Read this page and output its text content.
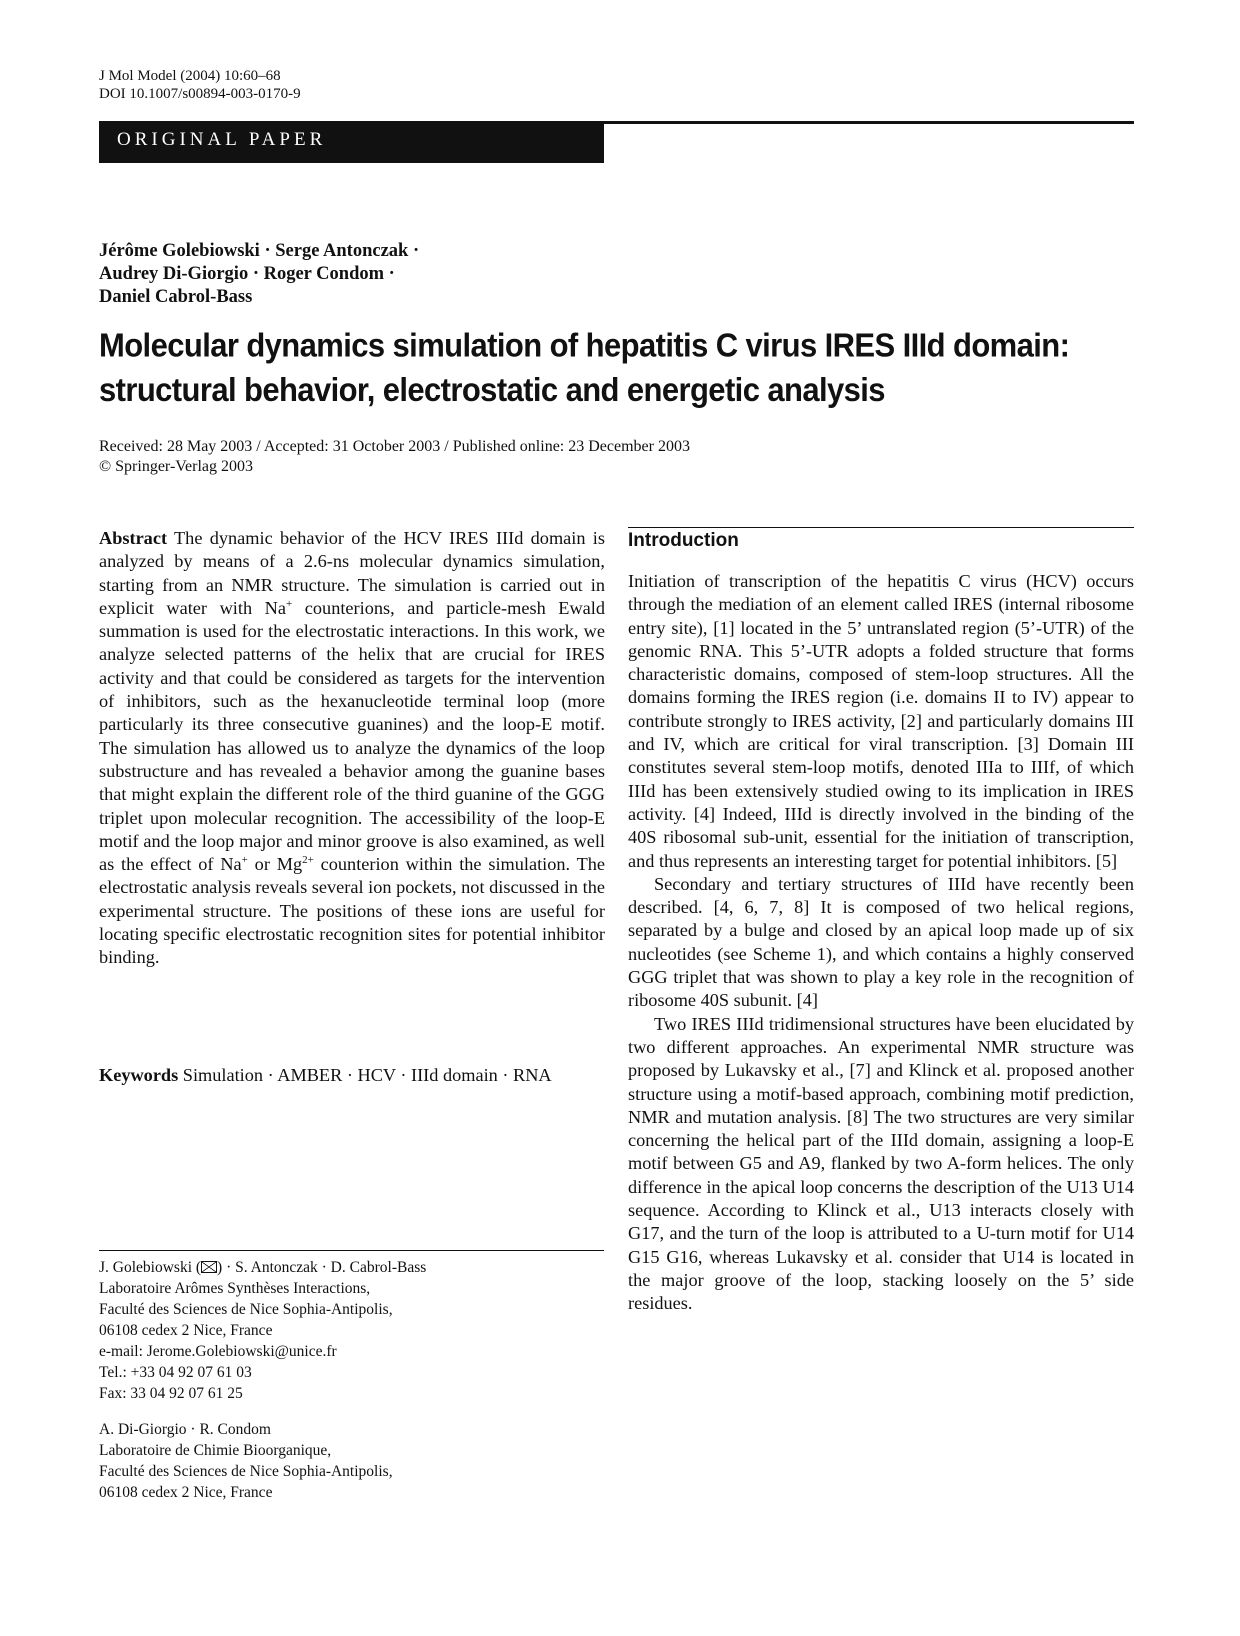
J Mol Model (2004) 10:60–68
DOI 10.1007/s00894-003-0170-9
ORIGINAL PAPER
Jérôme Golebiowski · Serge Antonczak ·
Audrey Di-Giorgio · Roger Condom ·
Daniel Cabrol-Bass
Molecular dynamics simulation of hepatitis C virus IRES IIId domain:
structural behavior, electrostatic and energetic analysis
Received: 28 May 2003 / Accepted: 31 October 2003 / Published online: 23 December 2003
© Springer-Verlag 2003
Abstract The dynamic behavior of the HCV IRES IIId domain is analyzed by means of a 2.6-ns molecular dynamics simulation, starting from an NMR structure. The simulation is carried out in explicit water with Na+ counterions, and particle-mesh Ewald summation is used for the electrostatic interactions. In this work, we analyze selected patterns of the helix that are crucial for IRES activity and that could be considered as targets for the intervention of inhibitors, such as the hexanucleotide terminal loop (more particularly its three consecutive guanines) and the loop-E motif. The simulation has allowed us to analyze the dynamics of the loop substructure and has revealed a behavior among the guanine bases that might explain the different role of the third guanine of the GGG triplet upon molecular recognition. The accessibility of the loop-E motif and the loop major and minor groove is also examined, as well as the effect of Na+ or $Mg^{2+}$ counterion within the simulation. The electrostatic analysis reveals several ion pockets, not discussed in the experimental structure. The positions of these ions are useful for locating specific electrostatic recognition sites for potential inhibitor binding.
Keywords Simulation · AMBER · HCV · IIId domain · RNA
J. Golebiowski ( ) · S. Antonczak · D. Cabrol-Bass
Laboratoire Arômes Synthèses Interactions,
Faculté des Sciences de Nice Sophia-Antipolis,
06108 cedex 2 Nice, France
e-mail: Jerome.Golebiowski@unice.fr
Tel.: +33 04 92 07 61 03
Fax: 33 04 92 07 61 25
A. Di-Giorgio · R. Condom
Laboratoire de Chimie Bioorganique,
Faculté des Sciences de Nice Sophia-Antipolis,
06108 cedex 2 Nice, France
Introduction

Initiation of transcription of the hepatitis C virus (HCV) occurs through the mediation of an element called IRES (internal ribosome entry site), [1] located in the 5’ untranslated region (5’-UTR) of the genomic RNA. This 5’-UTR adopts a folded structure that forms characteristic domains, composed of stem-loop structures. All the domains forming the IRES region (i.e. domains II to IV) appear to contribute strongly to IRES activity, [2] and particularly domains III and IV, which are critical for viral transcription. [3] Domain III constitutes several stem-loop motifs, denoted IIIa to IIIf, of which IIId has been extensively studied owing to its implication in IRES activity. [4] Indeed, IIId is directly involved in the binding of the 40S ribosomal sub-unit, essential for the initiation of transcription, and thus represents an interesting target for potential inhibitors. [5]

Secondary and tertiary structures of IIId have recently been described. [4, 6, 7, 8] It is composed of two helical regions, separated by a bulge and closed by an apical loop made up of six nucleotides (see Scheme 1), and which contains a highly conserved GGG triplet that was shown to play a key role in the recognition of ribosome 40S subunit. [4]

Two IRES IIId tridimensional structures have been elucidated by two different approaches. An experimental NMR structure was proposed by Lukavsky et al., [7] and Klinck et al. proposed another structure using a motif-based approach, combining motif prediction, NMR and mutation analysis. [8] The two structures are very similar concerning the helical part of the IIId domain, assigning a loop-E motif between G5 and A9, flanked by two A-form helices. The only difference in the apical loop concerns the description of the U13 U14 sequence. According to Klinck et al., U13 interacts closely with G17, and the turn of the loop is attributed to a U-turn motif for U14 G15 G16, whereas Lukavsky et al. consider that U14 is located in the major groove of the loop, stacking loosely on the 5’ side residues.
